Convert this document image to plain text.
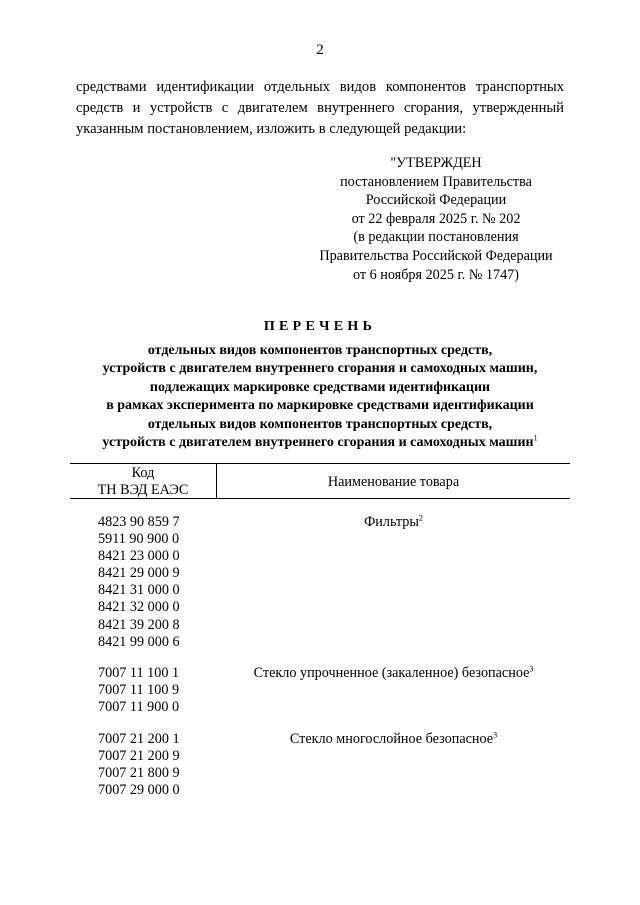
2
средствами идентификации отдельных видов компонентов транспортных
средств и устройств с двигателем внутреннего сгорания, утвержденный
указанным постановлением, изложить в следующей редакции:
"УТВЕРЖДЕН
постановлением Правительства
Российской Федерации
от 22 февраля 2025 г. № 202
(в редакции постановления
Правительства Российской Федерации
от 6 ноября 2025 г. № 1747)
ПЕРЕЧЕНЬ
отдельных видов компонентов транспортных средств,
устройств с двигателем внутреннего сгорания и самоходных машин,
подлежащих маркировке средствами идентификации
в рамках эксперимента по маркировке средствами идентификации
отдельных видов компонентов транспортных средств,
устройств с двигателем внутреннего сгорания и самоходных машин$^1$
Код
ТН ВЭД ЕАЭС	Наименование товара
4823 90 859 7
5911 90 900 0
8421 23 000 0
8421 29 000 9
8421 31 000 0
8421 32 000 0
8421 39 200 8
8421 99 000 6
Фильтры$^2$
7007 11 100 1
7007 11 100 9
7007 11 900 0
Стекло упрочненное (закаленное) безопасное$^3$
7007 21 200 1
7007 21 200 9
7007 21 800 9
7007 29 000 0
Стекло многослойное безопасное$^3$
